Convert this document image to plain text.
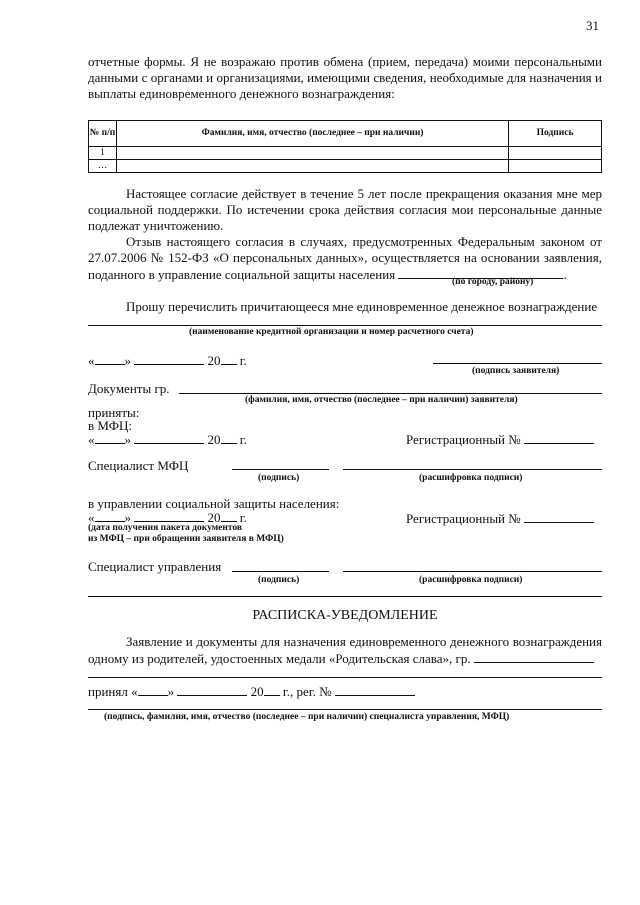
31
отчетные формы. Я не возражаю против обмена (прием, передача) моими персональными данными с органами и организациями, имеющими сведения, необходимые для назначения и выплаты единовременного денежного вознаграждения:
№ п/п	Фамилия, имя, отчество (последнее – при наличии)	Подпись
1		
…		
Настоящее согласие действует в течение 5 лет после прекращения оказания мне мер социальной поддержки. По истечении срока действия согласия мои персональные данные подлежат уничтожению.
Отзыв настоящего согласия в случаях, предусмотренных Федеральным законом от 27.07.2006 № 152-ФЗ «О персональных данных», осуществляется на основании заявления, поданного в управление социальной защиты населения	.
(по городу, району)
Прошу перечислить причитающееся мне единовременное денежное вознаграждение
(наименование кредитной организации и номер расчетного счета)
« »	20 г.
(подпись заявителя)
Документы гр.
(фамилия, имя, отчество (последнее – при наличии) заявителя)
приняты:
в МФЦ:
« »	20 г.	Регистрационный №
Специалист МФЦ
(подпись)	(расшифровка подписи)
в управлении социальной защиты населения:
« »	20 г.	Регистрационный №
(дата получения пакета документов
из МФЦ – при обращении заявителя в МФЦ)
Специалист управления
(подпись)	(расшифровка подписи)
РАСПИСКА-УВЕДОМЛЕНИЕ
Заявление и документы для назначения единовременного денежного вознаграждения одному из родителей, удостоенных медали «Родительская слава», гр.
принял « »	20 г., рег. №
(подпись, фамилия, имя, отчество (последнее – при наличии) специалиста управления, МФЦ)
